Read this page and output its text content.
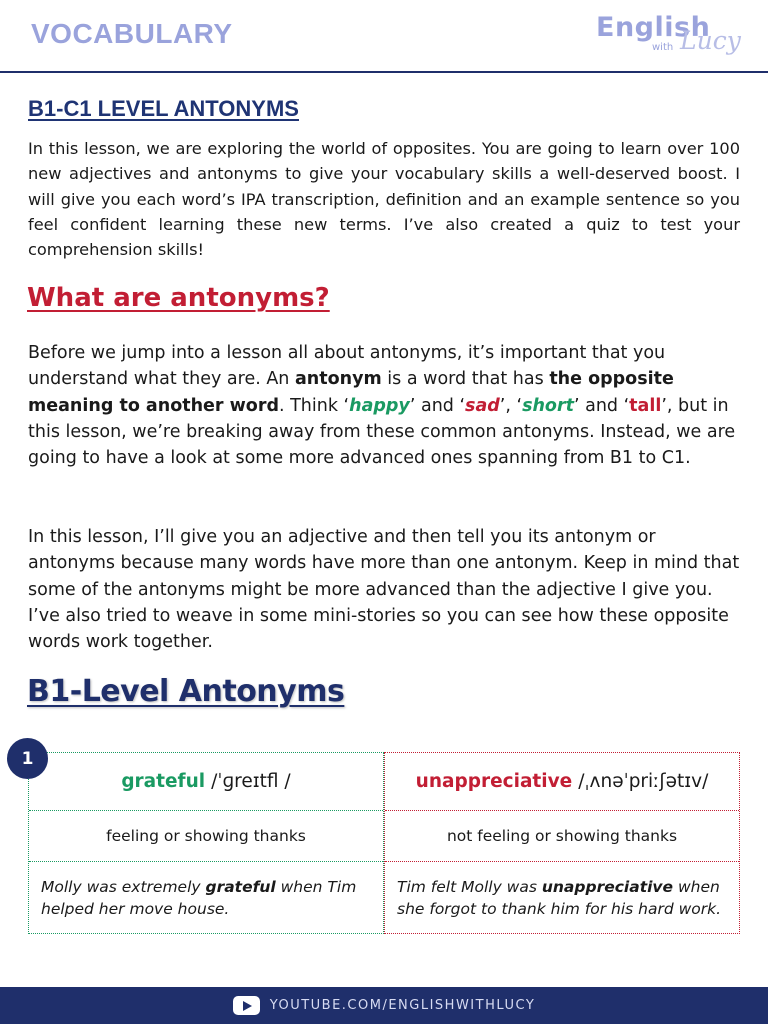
VOCABULARY	English
with Lucy
B1-C1 LEVEL ANTONYMS

In this lesson, we are exploring the world of opposites. You are going to learn over 100 new adjectives and antonyms to give your vocabulary skills a well-deserved boost. I will give you each word’s IPA transcription, definition and an example sentence so you feel confident learning these new terms. I’ve also created a quiz to test your comprehension skills!

What are antonyms?

Before we jump into a lesson all about antonyms, it’s important that you understand what they are. An antonym is a word that has the opposite meaning to another word. Think ‘happy’ and ‘sad’, ‘short’ and ‘tall’, but in this lesson, we’re breaking away from these common antonyms. Instead, we are going to have a look at some more advanced ones spanning from B1 to C1.

In this lesson, I’ll give you an adjective and then tell you its antonym or antonyms because many words have more than one antonym. Keep in mind that some of the antonyms might be more advanced than the adjective I give you. I’ve also tried to weave in some mini-stories so you can see how these opposite words work together.

B1-Level Antonyms
1
grateful /ˈɡreɪtfl /
feeling or showing thanks
Molly was extremely grateful when Tim helped her move house.
unappreciative /ˌʌnəˈpriːʃətɪv/
not feeling or showing thanks
Tim felt Molly was unappreciative when she forgot to thank him for his hard work.
YOUTUBE.COM/ENGLISHWITHLUCY
